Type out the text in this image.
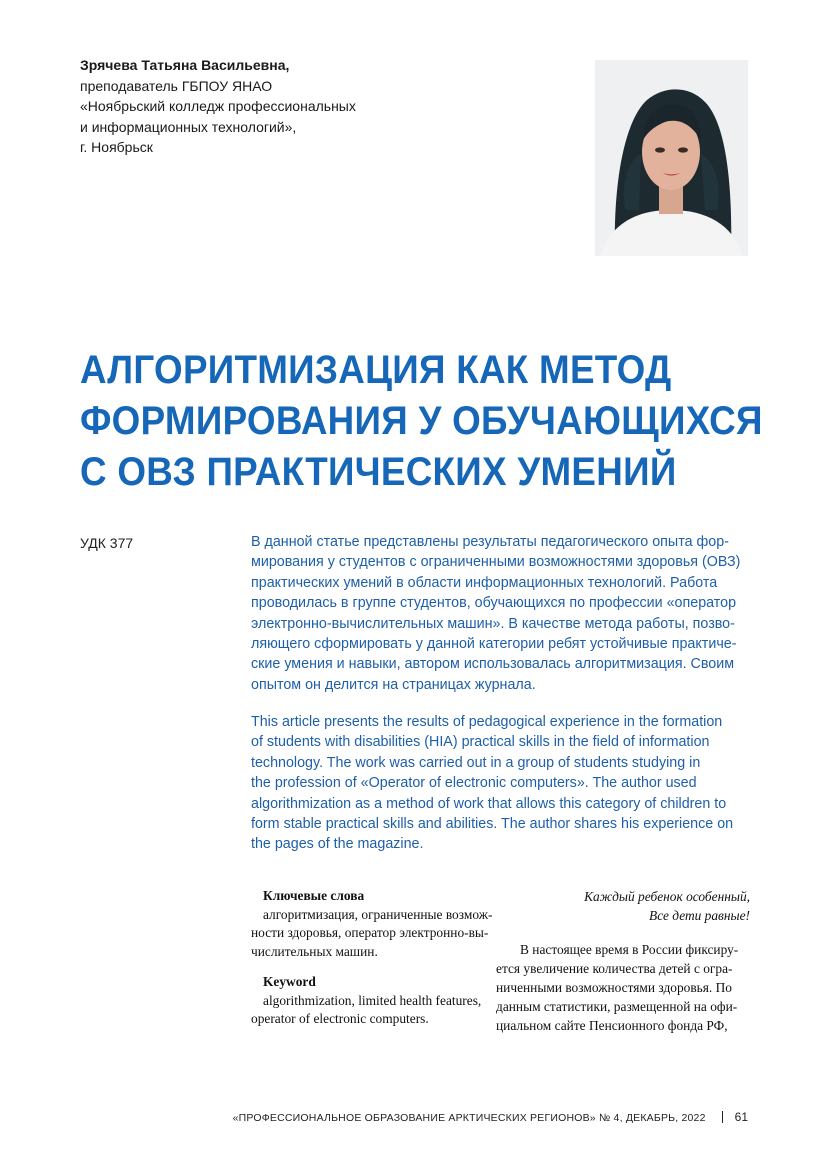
Зрячева Татьяна Васильевна,
преподаватель ГБПОУ ЯНАО
«Ноябрьский колледж профессиональных
и информационных технологий»,
г. Ноябрьск
АЛГОРИТМИЗАЦИЯ КАК МЕТОД
ФОРМИРОВАНИЯ У ОБУЧАЮЩИХСЯ
С ОВЗ ПРАКТИЧЕСКИХ УМЕНИЙ
УДК 377	В данной статье представлены результаты педагогического опыта фор-
мирования у студентов с ограниченными возможностями здоровья (ОВЗ)
практических умений в области информационных технологий. Работа
проводилась в группе студентов, обучающихся по профессии «оператор
электронно-вычислительных машин». В качестве метода работы, позво-
ляющего сформировать у данной категории ребят устойчивые практиче-
ские умения и навыки, автором использовалась алгоритмизация. Своим
опытом он делится на страницах журнала.

This article presents the results of pedagogical experience in the formation
of students with disabilities (HIA) practical skills in the field of information
technology. The work was carried out in a group of students studying in
the profession of «Operator of electronic computers». The author used
algorithmization as a method of work that allows this category of children to
form stable practical skills and abilities. The author shares his experience on
the pages of the magazine.

Ключевые слова
алгоритмизация, ограниченные возмож-
ности здоровья, оператор электронно-вы-
числительных машин.
Keyword
algorithmization, limited health features,
operator of electronic computers.
Каждый ребенок особенный,
Все дети равные!
В настоящее время в России фиксиру-
ется увеличение количества детей с огра-
ниченными возможностями здоровья. По
данным статистики, размещенной на офи-
циальном сайте Пенсионного фонда РФ,
«ПРОФЕССИОНАЛЬНОЕ ОБРАЗОВАНИЕ АРКТИЧЕСКИХ РЕГИОНОВ» № 4, ДЕКАБРЬ, 2022 61
